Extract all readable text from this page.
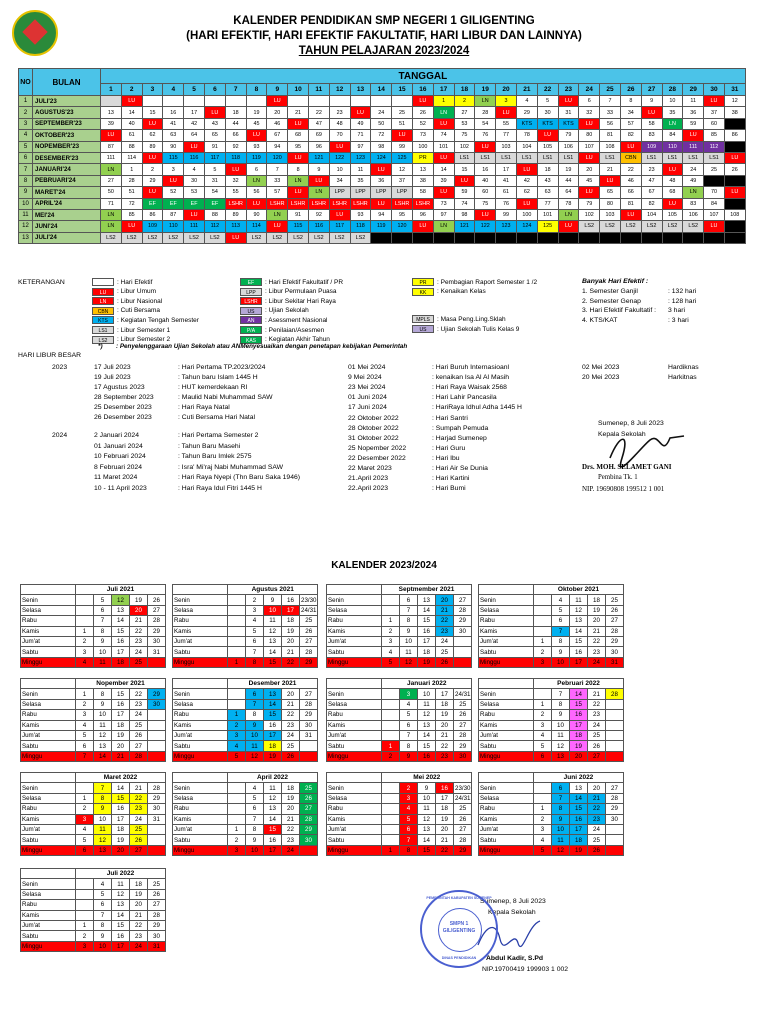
KALENDER PENDIDIKAN SMP NEGERI 1 GILIGENTING
(HARI EFEKTIF, HARI EFEKTIF FAKULTATIF, HARI LIBUR DAN LAINNYA)
TAHUN PELAJARAN 2023/2024
NO	BULAN	TANGGAL																														
		1	2	3	4	5	6	7	8	9	10	11	12	13	14	15	16	17	18	19	20	21	22	23	24	25	26	27	28	29	30	31
1	JULI'23		LU							LU							LU	1	2	LN	3	4	5	LU	6	7	8	9	10	11	LU	12
2	AGUSTUS'23	13	14	15	16	17	LU	18	19	20	21	22	23	LU	24	25	26	LN	27	28	LU	29	30	31	32	33	34	LU	35	36	37	38
3	SEPTEMBER'23	39	40	LU	41	42	43	44	45	46	LU	47	48	49	50	51	52	LU	53	54	55	KTS	KTS	KTS	LU	56	57	58	LN	59	60	
4	OKTOBER'23	LU	61	62	63	64	65	66	LU	67	68	69	70	71	72	LU	73	74	75	76	77	78	LU	79	80	81	82	83	84	LU	85	86
5	NOPEMBER'23	87	88	89	90	LU	91	92	93	94	95	96	LU	97	98	99	100	101	102	LU	103	104	105	106	107	108	LU	109	110	111	112	
6	DESEMBER'23	111	114	LU	115	116	117	118	119	120	LU	121	122	123	124	125	PR	LU	LS1	LS1	LS1	LS1	LS1	LS1	LU	LS1	CBN	LS1	LS1	LS1	LS1	LU
7	JANUARI'24	LN	1	2	3	4	5	LU	6	7	8	9	10	11	LU	12	13	14	15	16	17	LU	18	19	20	21	22	23	LU	24	25	26
8	PEBRUARI'24	27	28	29	LU	30	31	32	LN	33	LN	LU	34	35	36	37	38	39	LU	40	41	42	43	44	45	LU	46	47	48	49		
9	MARET'24	50	51	LU	52	53	54	55	56	57	LU	LN	LPP	LPP	LPP	LPP	58	LU	59	60	61	62	63	64	LU	65	66	67	68	LN	70	LU
10	APRIL'24	71	72	EF	EF	EF	EF	LSHR	LU	LSHR	LSHR	LSHR	LSHR	LSHR	LU	LSHR	LSHR	73	74	75	76	LU	77	78	79	80	81	82	LU	83	84	
11	MEI'24	LN	85	86	87	LU	88	89	90	LN	91	92	LU	93	94	95	96	97	98	LU	99	100	101	LN	102	103	LU	104	105	106	107	108
12	JUNI'24	LN	LU	109	110	111	112	113	114	LU	115	116	117	118	119	120	LU	LN	121	122	123	124	125	LU	LS2	LS2	LS2	LS2	LS2	LS2	LU	
13	JULI'24	LS2	LS2	LS2	LS2	LS2	LS2	LU	LS2	LS2	LS2	LS2	LS2	LS2																		
KETERANGAN	: Hari Efektif
LU	: Libur Umum
LN	: Libur Nasional
CBN	: Cuti Bersama
KTS	: Kegiatan Tengah Semester
LS1	: Libur Semester 1
LS2	: Libur Semester 2
EF	: Hari Efektif Fakultatif / PR
LPP	: Libur Permulaan Puasa
LSHR	: Libur Sekitar Hari Raya
US	: Ujian Sekolah
AN	: Asessment Nasional
P/A	: Penilaian/Asesmen
KAS	: Kegiatan Akhir Tahun
PR	: Pembagian Raport Semester 1 /2
KK	: Kenaikan Kelas
MPLS	: Masa Peng.Ling.Sklah
US	: Ujian Sekolah Tulis Kelas 9
*) : Penyelenggaraan Ujian Sekolah atau ANMenyesuaikan dengan penetapan kebijakan Pemerintah
Banyak Hari Efektif :
1. Semester Ganjil	: 132 hari
2. Semester Genap	: 128 hari
3. Hari Efektif Fakultatif : 3 hari
4. KTS/KAT	: 3 hari
HARI LIBUR BESAR
2023
2024
17 Juli 2023	: Hari Pertama TP.2023/2024
19 Juli 2023	: Tahun baru Islam 1445 H
17 Agustus 2023	: HUT kemerdekaan RI
28 September 2023	: Maulid Nabi Muhammad SAW
25 Desember 2023	: Hari Raya Natal
26 Desember 2023	: Cuti Bersama Hari Natal
2 Januari 2024	: Hari Pertama Semester 2
01 Januari 2024	: Tahun Baru Masehi
10 Februari 2024	: Tahun Baru Imlek 2575
8 Februari 2024	: Isra' Mi'raj Nabi Muhammad SAW
11 Maret 2024	: Hari Raya Nyepi (Thn Baru Saka 1946)
10 - 11 April 2023	: Hari Raya Idul Fitri 1445 H
01 Mei 2024	: Hari Buruh Internasioanl
9 Mei 2024	: kenaikan Isa Al Al Masih
23 Mei 2024	: Hari Raya Waisak 2568
01 Juni 2024	: Hari Lahir Pancasila
17 Juni 2024	: HariRaya Idhul Adha 1445 H
22 Oktober 2022	: Hari Santri
28 Oktober 2022	: Sumpah Pemuda
31 Oktober 2022	: Harjad Sumenep
25 Nopember 2022	: Hari Guru
22 Desember 2022	: Hari Ibu
22 Maret 2023	: Hari Air Se Dunia
21.April 2023	: Hari Kartini
22.April 2023	: Hari Bumi
02 Mei 2023	Hardiknas
20 Mei 2023	Harkitnas
Sumenep, 8 Juli 2023
Kepala Sekolah
Drs. MOH. SELAMET GANI
Pembina Tk. 1
NIP. 19690808 199512 1 001
Sumenep, 8 Juli 2023
Kepala Sekolah
Abdul Kadir, S.Pd
NIP.19700419 199903 1 002
KALENDER 2023/2024
	Juli 2021				
Senin		5	12	19	26
Selasa		6	13	20	27
Rabu		7	14	21	28
Kamis	1	8	15	22	29
Jum'at	2	9	16	23	30
Sabtu	3	10	17	24	31
Minggu	4	11	18	25	
	Agustus 2021				
Senin		2	9	16	23/30
Selasa		3	10	17	24/31
Rabu		4	11	18	25
Kamis		5	12	19	26
Jum'at		6	13	20	27
Sabtu		7	14	21	28
Minggu	1	8	15	22	29
	Septmember 2021				
Senin		6	13	20	27
Selasa		7	14	21	28
Rabu	1	8	15	22	29
Kamis	2	9	16	23	30
Jum'at	3	10	17	24	
Sabtu	4	11	18	25	
Minggu	5	12	19	26	
	Oktober 2021				
Senin		4	11	18	25
Selasa		5	12	19	26
Rabu		6	13	20	27
Kamis		7	14	21	28
Jum'at	1	8	15	22	29
Sabtu	2	9	16	23	30
Minggu	3	10	17	24	31
	Nopember 2021				
Senin	1	8	15	22	29
Selasa	2	9	16	23	30
Rabu	3	10	17	24	
Kamis	4	11	18	25	
Jum'at	5	12	19	26	
Sabtu	6	13	20	27	
Minggu	7	14	21	28	
	Desember 2021				
Senin		6	13	20	27
Selasa		7	14	21	28
Rabu	1	8	15	22	29
Kamis	2	9	16	23	30
Jum'at	3	10	17	24	31
Sabtu	4	11	18	25	
Minggu	5	12	19	26	
	Januari 2022				
Senin		3	10	17	24/31
Selasa		4	11	18	25
Rabu		5	12	19	26
Kamis		6	13	20	27
Jum'at		7	14	21	28
Sabtu	1	8	15	22	29
Minggu	2	9	16	23	30
	Pebruari 2022				
Senin		7	14	21	28
Selasa	1	8	15	22	
Rabu	2	9	16	23	
Kamis	3	10	17	24	
Jum'at	4	11	18	25	
Sabtu	5	12	19	26	
Minggu	6	13	20	27	
	Maret 2022				
Senin		7	14	21	28
Selasa	1	8	15	22	29
Rabu	2	9	16	23	30
Kamis	3	10	17	24	31
Jum'at	4	11	18	25	
Sabtu	5	12	19	26	
Minggu	6	13	20	27	
	April 2022				
Senin		4	11	18	25
Selasa		5	12	19	26
Rabu		6	13	20	27
Kamis		7	14	21	28
Jum'at	1	8	15	22	29
Sabtu	2	9	16	23	30
Minggu	3	10	17	24	
	Mei 2022				
Senin		2	9	16	23/30
Selasa		3	10	17	24/31
Rabu		4	11	18	25
Kamis		5	12	19	26
Jum'at		6	13	20	27
Sabtu		7	14	21	28
Minggu	1	8	15	22	29
	Juni 2022				
Senin		6	13	20	27
Selasa		7	14	21	28
Rabu	1	8	15	22	29
Kamis	2	9	16	23	30
Jum'at	3	10	17	24	
Sabtu	4	11	18	25	
Minggu	5	12	19	26	
	Juli 2022				
Senin		4	11	18	25
Selasa		5	12	19	26
Rabu		6	13	20	27
Kamis		7	14	21	28
Jum'at	1	8	15	22	29
Sabtu	2	9	16	23	30
Minggu	3	10	17	24	31
PEMERINTAH KABUPATEN SUMENEP
SMPN 1
GILIGENTING
DINAS PENDIDIKAN
